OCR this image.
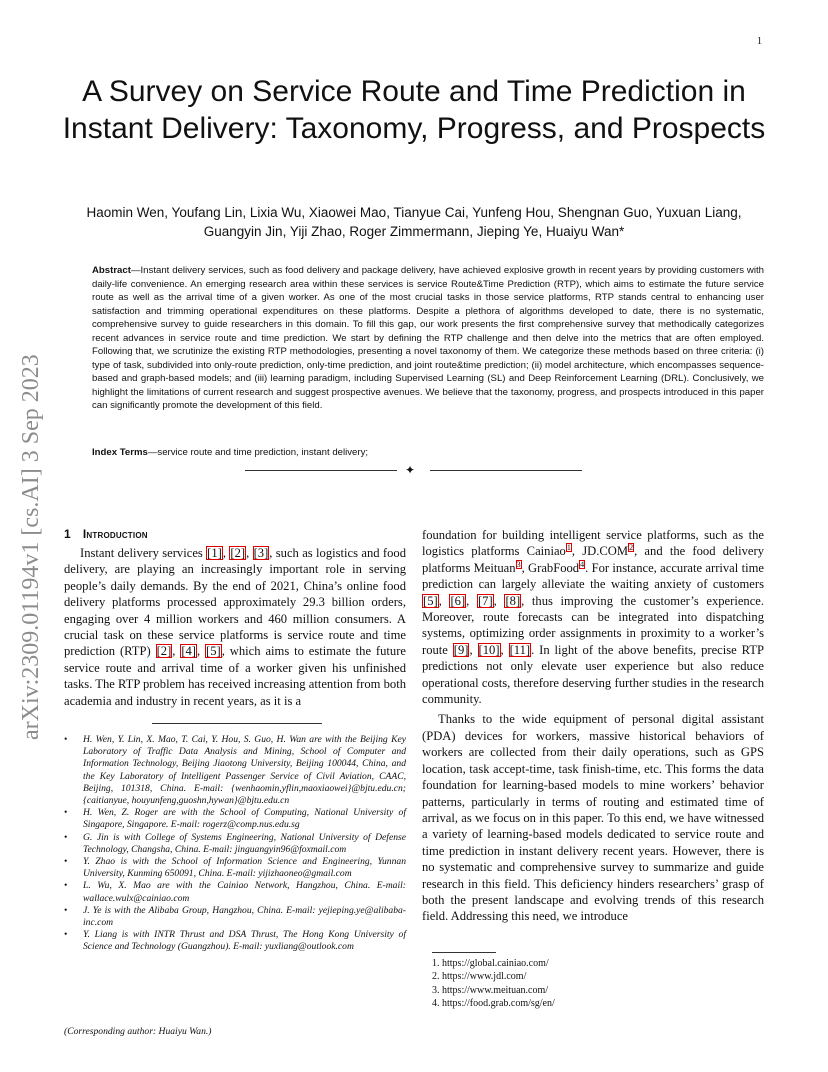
1
arXiv:2309.01194v1 [cs.AI] 3 Sep 2023
A Survey on Service Route and Time Prediction in Instant Delivery: Taxonomy, Progress, and Prospects
Haomin Wen, Youfang Lin, Lixia Wu, Xiaowei Mao, Tianyue Cai, Yunfeng Hou, Shengnan Guo, Yuxuan Liang, Guangyin Jin, Yiji Zhao, Roger Zimmermann, Jieping Ye, Huaiyu Wan*

Abstract—Instant delivery services, such as food delivery and package delivery, have achieved explosive growth in recent years by providing customers with daily-life convenience. An emerging research area within these services is service Route&Time Prediction (RTP), which aims to estimate the future service route as well as the arrival time of a given worker. As one of the most crucial tasks in those service platforms, RTP stands central to enhancing user satisfaction and trimming operational expenditures on these platforms. Despite a plethora of algorithms developed to date, there is no systematic, comprehensive survey to guide researchers in this domain. To fill this gap, our work presents the first comprehensive survey that methodically categorizes recent advances in service route and time prediction. We start by defining the RTP challenge and then delve into the metrics that are often employed. Following that, we scrutinize the existing RTP methodologies, presenting a novel taxonomy of them. We categorize these methods based on three criteria: (i) type of task, subdivided into only-route prediction, only-time prediction, and joint route&time prediction; (ii) model architecture, which encompasses sequence-based and graph-based models; and (iii) learning paradigm, including Supervised Learning (SL) and Deep Reinforcement Learning (DRL). Conclusively, we highlight the limitations of current research and suggest prospective avenues. We believe that the taxonomy, progress, and prospects introduced in this paper can significantly promote the development of this field.

Index Terms—service route and time prediction, instant delivery;

✦
1 Introduction

Instant delivery services [1], [2], [3], such as logistics and food delivery, are playing an increasingly important role in serving people’s daily demands. By the end of 2021, China’s online food delivery platforms processed approximately 29.3 billion orders, engaging over 4 million workers and 460 million consumers. A crucial task on these service platforms is service route and time prediction (RTP) [2], [4], [5], which aims to estimate the future service route and arrival time of a worker given his unfinished tasks. The RTP problem has received increasing attention from both academia and industry in recent years, as it is a

• H. Wen, Y. Lin, X. Mao, T. Cai, Y. Hou, S. Guo, H. Wan are with the Beijing Key Laboratory of Traffic Data Analysis and Mining, School of Computer and Information Technology, Beijing Jiaotong University, Beijing 100044, China, and the Key Laboratory of Intelligent Passenger Service of Civil Aviation, CAAC, Beijing, 101318, China. E-mail: {wenhaomin,yflin,maoxiaowei}@bjtu.edu.cn; {caitianyue, houyunfeng,guoshn,hywan}@bjtu.edu.cn
• H. Wen, Z. Roger are with the School of Computing, National University of Singapore, Singapore. E-mail: rogerz@comp.nus.edu.sg
• G. Jin is with College of Systems Engineering, National University of Defense Technology, Changsha, China. E-mail: jinguangyin96@foxmail.com
• Y. Zhao is with the School of Information Science and Engineering, Yunnan University, Kunming 650091, China. E-mail: yijizhaoneo@gmail.com
• L. Wu, X. Mao are with the Cainiao Network, Hangzhou, China. E-mail: wallace.wulx@cainiao.com
• J. Ye is with the Alibaba Group, Hangzhou, China. E-mail: yejieping.ye@alibaba-inc.com
• Y. Liang is with INTR Thrust and DSA Thrust, The Hong Kong University of Science and Technology (Guangzhou). E-mail: yuxliang@outlook.com

(Corresponding author: Huaiyu Wan.)

foundation for building intelligent service platforms, such as the logistics platforms Cainiao$^1$, JD.COM$^2$, and the food delivery platforms Meituan$^3$, GrabFood$^4$. For instance, accurate arrival time prediction can largely alleviate the waiting anxiety of customers [5], [6], [7], [8], thus improving the customer’s experience. Moreover, route forecasts can be integrated into dispatching systems, optimizing order assignments in proximity to a worker’s route [9], [10], [11]. In light of the above benefits, precise RTP predictions not only elevate user experience but also reduce operational costs, therefore deserving further studies in the research community.

Thanks to the wide equipment of personal digital assistant (PDA) devices for workers, massive historical behaviors of workers are collected from their daily operations, such as GPS location, task accept-time, task finish-time, etc. This forms the data foundation for learning-based models to mine workers’ behavior patterns, particularly in terms of routing and estimated time of arrival, as we focus on in this paper. To this end, we have witnessed a variety of learning-based models dedicated to service route and time prediction in instant delivery recent years. However, there is no systematic and comprehensive survey to summarize and guide research in this field. This deficiency hinders researchers’ grasp of both the present landscape and evolving trends of this research field. Addressing this need, we introduce

1. https://global.cainiao.com/
2. https://www.jdl.com/
3. https://www.meituan.com/
4. https://food.grab.com/sg/en/
